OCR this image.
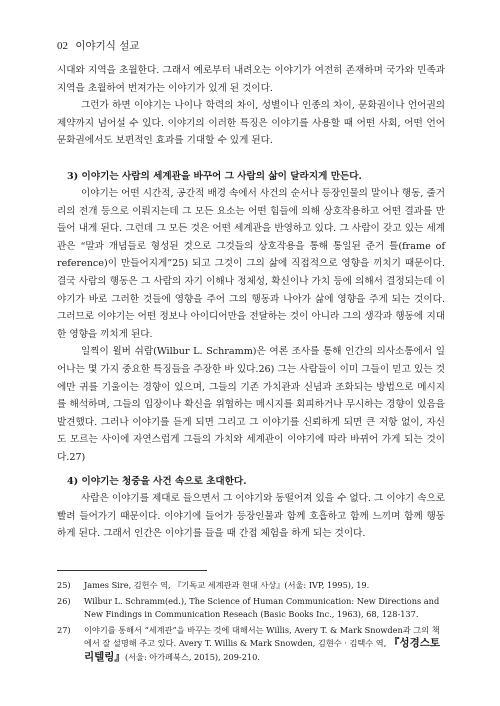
02 이야기식 설교

시대와 지역을 초월한다. 그래서 예로부터 내려오는 이야기가 여전히 존재하며 국가와 민족과 지역을 초월하여 번져가는 이야기가 있게 된 것이다.

그런가 하면 이야기는 나이나 학력의 차이, 성별이나 인종의 차이, 문화권이나 언어권의 제약까지 넘어설 수 있다. 이야기의 이러한 특징은 이야기를 사용할 때 어떤 사회, 어떤 언어 문화권에서도 보편적인 효과를 기대할 수 있게 된다.

3) 이야기는 사람의 세계관을 바꾸어 그 사람의 삶이 달라지게 만든다.

이야기는 어떤 시간적, 공간적 배경 속에서 사건의 순서나 등장인물의 말이나 행동, 줄거리의 전개 등으로 이뤄지는데 그 모든 요소는 어떤 힘들에 의해 상호작용하고 어떤 결과를 만들어 내게 된다. 그런데 그 모든 것은 어떤 세계관을 반영하고 있다. 그 사람이 갖고 있는 세계관은 “말과 개념들로 형성된 것으로 그것들의 상호작용을 통해 통일된 준거 틀(frame of reference)이 만들어지게”25) 되고 그것이 그의 삶에 직접적으로 영향을 끼치기 때문이다. 결국 사람의 행동은 그 사람의 자기 이해나 정체성, 확신이나 가치 등에 의해서 결정되는데 이야기가 바로 그러한 것들에 영향을 주어 그의 행동과 나아가 삶에 영향을 주게 되는 것이다. 그러므로 이야기는 어떤 정보나 아이디어만을 전달하는 것이 아니라 그의 생각과 행동에 지대한 영향을 끼치게 된다.

일찍이 윌버 쉬람(Wilbur L. Schramm)은 여론 조사를 통해 인간의 의사소통에서 일어나는 몇 가지 중요한 특징들을 주장한 바 있다.26) 그는 사람들이 이미 그들이 믿고 있는 것에만 귀를 기울이는 경향이 있으며, 그들의 기존 가치관과 신념과 조화되는 방법으로 메시지를 해석하며, 그들의 입장이나 확신을 위협하는 메시지를 회피하거나 무시하는 경향이 있음을 발견했다. 그러나 이야기를 듣게 되면 그리고 그 이야기를 신뢰하게 되면 큰 저항 없이, 자신도 모르는 사이에 자연스럽게 그들의 가치와 세계관이 이야기에 따라 바뀌어 가게 되는 것이다.27)

4) 이야기는 청중을 사건 속으로 초대한다.

사람은 이야기를 제대로 들으면서 그 이야기와 동떨어져 있을 수 없다. 그 이야기 속으로 빨려 들어가기 때문이다. 이야기에 들어가 등장인물과 함께 호흡하고 함께 느끼며 함께 행동하게 된다. 그래서 인간은 이야기를 들을 때 간접 체험을 하게 되는 것이다.

25) James Sire, 김헌수 역, 『기독교 세계관과 현대 사상』(서울: IVP, 1995), 19.
26) Wilbur L. Schramm(ed.), The Science of Human Communication: New Directions and New Findings in Communication Reseach (Basic Books Inc., 1963), 68, 128-137.
27) 이야기를 통해서 “세계관”을 바꾸는 것에 대해서는 Willis, Avery T. & Mark Snowden과 그의 책에서 잘 설명해 주고 있다. Avery T. Willis & Mark Snowden, 김현수 · 김택수 역, 『성경스토리텔링』(서울: 아가페북스, 2015), 209-210.
